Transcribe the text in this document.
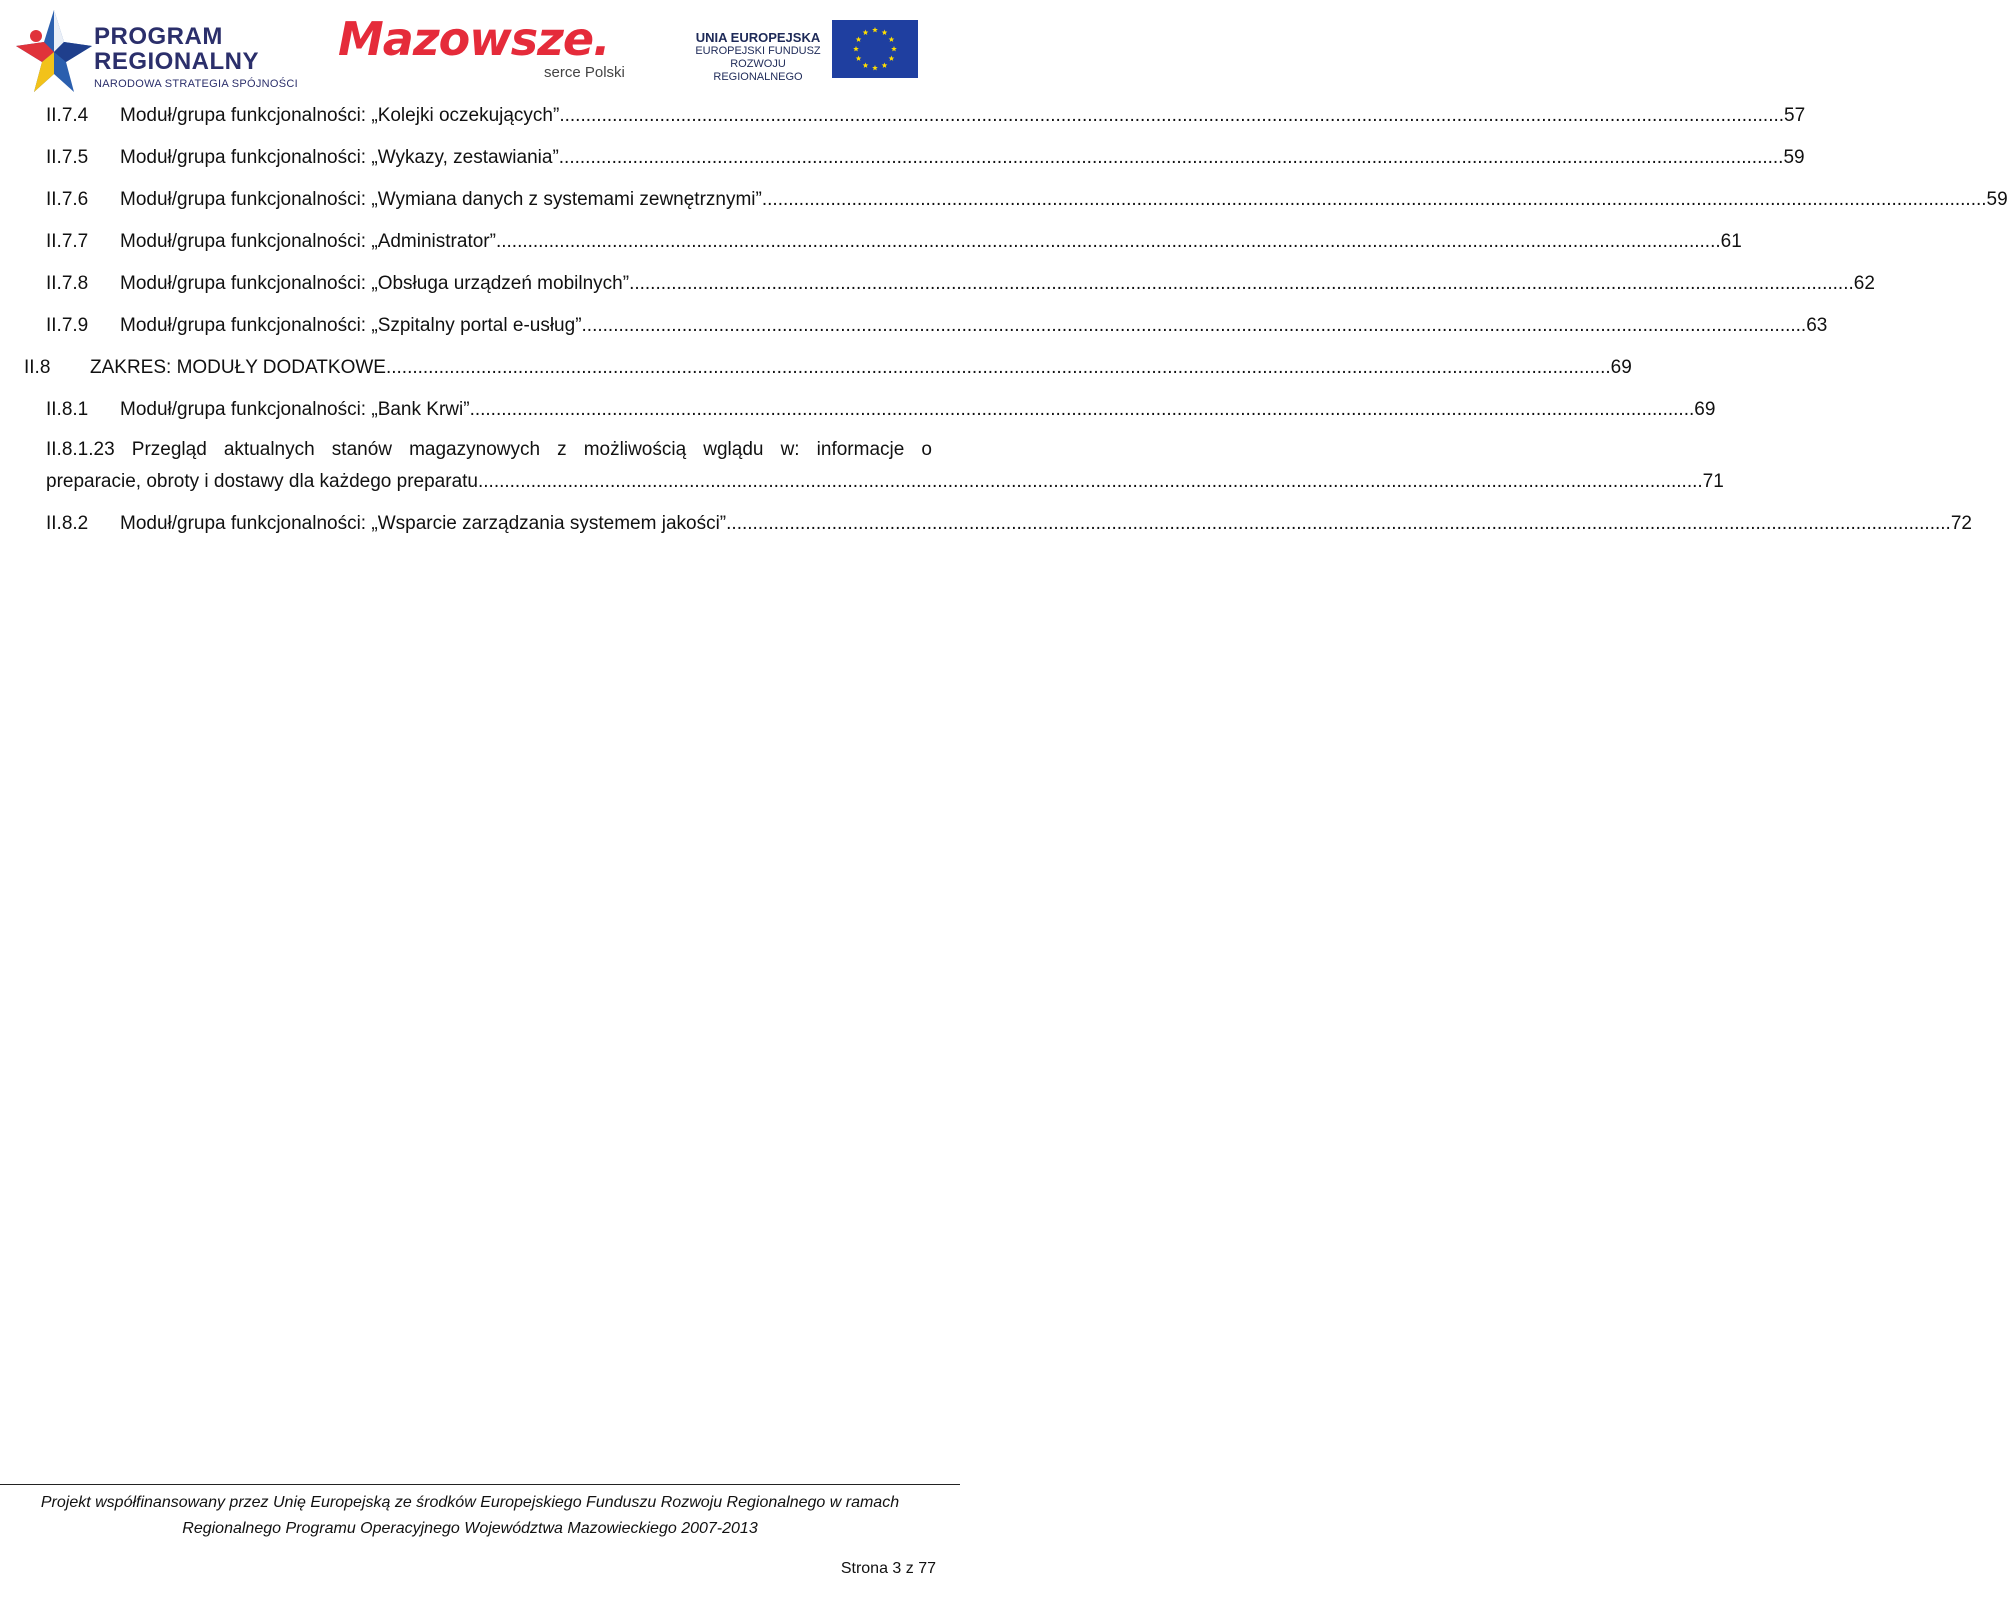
PROGRAM
REGIONALNY
NARODOWA STRATEGIA SPÓJNOŚCI
Mazowsze.
serce Polski
UNIA EUROPEJSKA
EUROPEJSKI FUNDUSZ
ROZWOJU REGIONALNEGO
II.7.4	Moduł/grupa funkcjonalności: „Kolejki oczekujących” .....	57
II.7.5	Moduł/grupa funkcjonalności: „Wykazy, zestawiania” .....	59
II.7.6	Moduł/grupa funkcjonalności: „Wymiana danych z systemami zewnętrznymi” .....	59
II.7.7	Moduł/grupa funkcjonalności: „Administrator” .....	61
II.7.8	Moduł/grupa funkcjonalności: „Obsługa urządzeń mobilnych” .....	62
II.7.9	Moduł/grupa funkcjonalności: „Szpitalny portal e-usług” .....	63
II.8	ZAKRES: MODUŁY DODATKOWE .....	69
II.8.1	Moduł/grupa funkcjonalności: „Bank Krwi” .....	69
II.8.1.23 Przegląd aktualnych stanów magazynowych z możliwością wglądu w: informacje o
preparacie, obroty i dostawy dla każdego preparatu .....	71
II.8.2	Moduł/grupa funkcjonalności: „Wsparcie zarządzania systemem jakości” .....	72
Projekt współfinansowany przez Unię Europejską ze środków Europejskiego Funduszu Rozwoju Regionalnego w ramach
Regionalnego Programu Operacyjnego Województwa Mazowieckiego 2007-2013
Strona 3 z 77
